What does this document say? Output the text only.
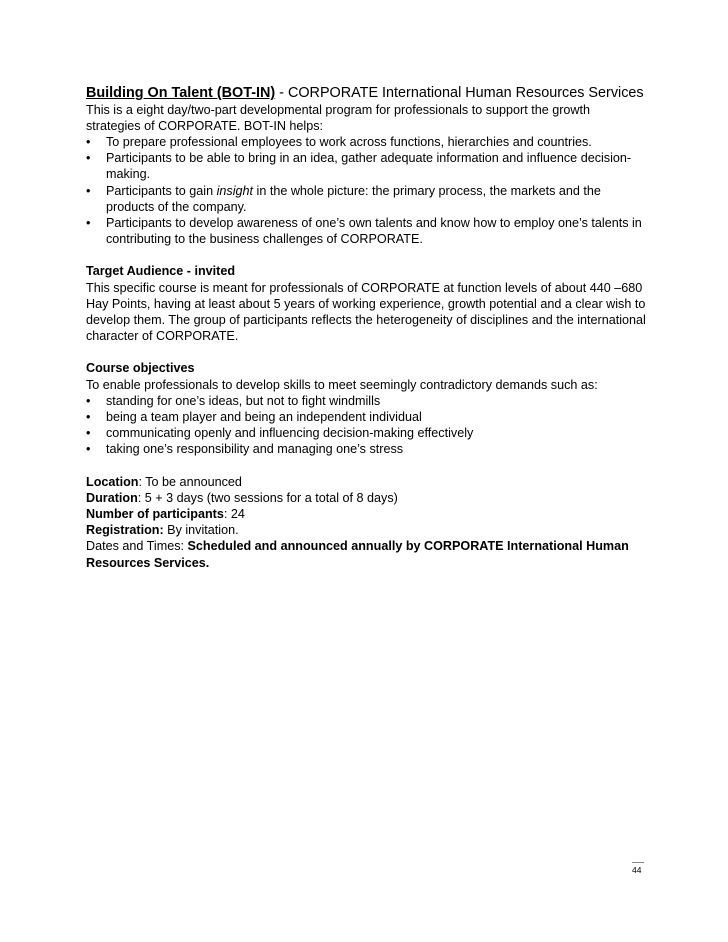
Building On Talent (BOT-IN) - CORPORATE International Human Resources Services

This is a eight day/two-part developmental program for professionals to support the growth strategies of CORPORATE. BOT-IN helps:

• To prepare professional employees to work across functions, hierarchies and countries.
• Participants to be able to bring in an idea, gather adequate information and influence decision-making.
• Participants to gain insight in the whole picture: the primary process, the markets and the products of the company.
• Participants to develop awareness of one’s own talents and know how to employ one’s talents in contributing to the business challenges of CORPORATE.

Target Audience - invited

This specific course is meant for professionals of CORPORATE at function levels of about 440 –680 Hay Points, having at least about 5 years of working experience, growth potential and a clear wish to develop them. The group of participants reflects the heterogeneity of disciplines and the international character of CORPORATE.

Course objectives

To enable professionals to develop skills to meet seemingly contradictory demands such as:

• standing for one’s ideas, but not to fight windmills
• being a team player and being an independent individual
• communicating openly and influencing decision-making effectively
• taking one’s responsibility and managing one’s stress

Location: To be announced

Duration: 5 + 3 days (two sessions for a total of 8 days)

Number of participants: 24

Registration: By invitation.

Dates and Times: Scheduled and announced annually by CORPORATE International Human Resources Services.

44
